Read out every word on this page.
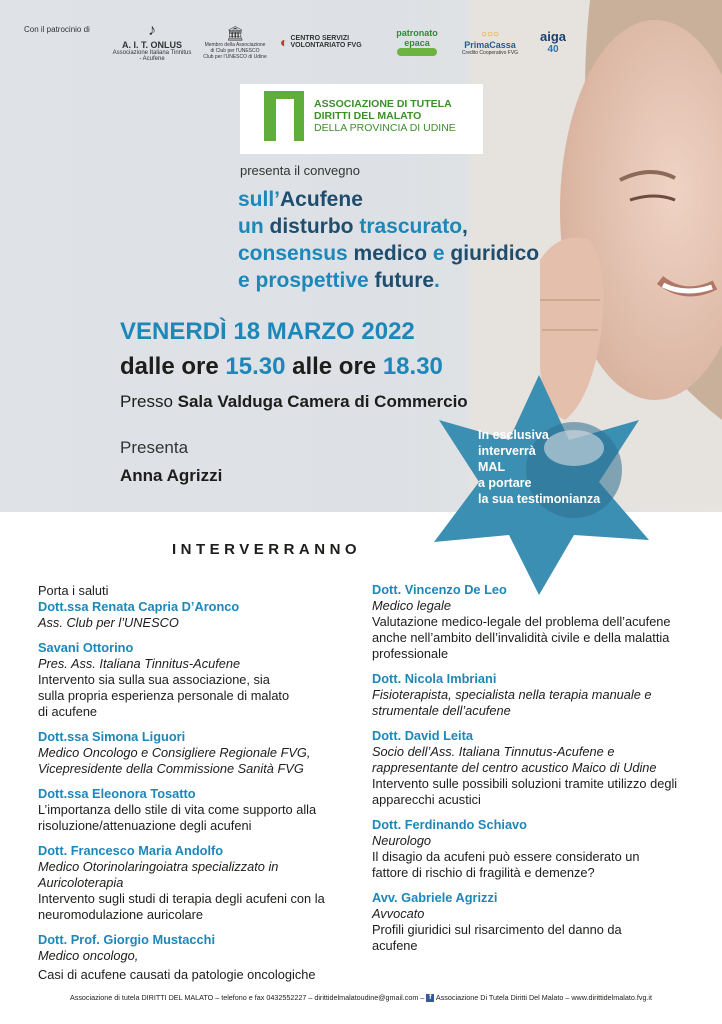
Con il patrocinio di	♪
A. I. T. ONLUS
Associazione Italiana Tinnitus - Acufene
🏛
Membro della Associazione di Club per l'UNESCO
Club per l'UNESCO di Udine
◐ CENTRO SERVIZI VOLONTARIATO FVG
patronato epaca
○○○
PrimaCassa
Credito Cooperativo FVG
aiga
40
ASSOCIAZIONE DI TUTELA DIRITTI DEL MALATO
DELLA PROVINCIA DI UDINE
presenta il convegno
sull’Acufene
un disturbo trascurato,
consensus medico e giuridico
e prospettive future.
VENERDÌ 18 MARZO 2022
dalle ore 15.30 alle ore 18.30
Presso Sala Valduga Camera di Commercio
Presenta
Anna Agrizzi
In esclusiva
interverrà
MAL
a portare
la sua testimonianza
INTERVERRANNO

Porta i saluti

Dott.ssa Renata Capria D’Aronco

Ass. Club per l’UNESCO

Savani Ottorino

Pres. Ass. Italiana Tinnitus-Acufene

Intervento sia sulla sua associazione, sia sulla propria esperienza personale di malato di acufene

Dott.ssa Simona Liguori

Medico Oncologo e Consigliere Regionale FVG, Vicepresidente della Commissione Sanità FVG

Dott.ssa Eleonora Tosatto

L’importanza dello stile di vita come supporto alla risoluzione/attenuazione degli acufeni

Dott. Francesco Maria Andolfo

Medico Otorinolaringoiatra specializzato in Auricoloterapia

Intervento sugli studi di terapia degli acufeni con la neuromodulazione auricolare

Dott. Prof. Giorgio Mustacchi

Medico oncologo,

Casi di acufene causati da patologie oncologiche

Dott. Vincenzo De Leo

Medico legale

Valutazione medico-legale del problema dell’acufene anche nell’ambito dell’invalidità civile e della malattia professionale

Dott. Nicola Imbriani

Fisioterapista, specialista nella terapia manuale e strumentale dell’acufene

Dott. David Leita

Socio dell’Ass. Italiana Tinnutus-Acufene e rappresentante del centro acustico Maico di Udine

Intervento sulle possibili soluzioni tramite utilizzo degli apparecchi acustici

Dott. Ferdinando Schiavo

Neurologo

Il disagio da acufeni può essere considerato un fattore di rischio di fragilità e demenze?

Avv. Gabriele Agrizzi

Avvocato

Profili giuridici sul risarcimento del danno da acufene

Associazione di tutela DIRITTI DEL MALATO – telefono e fax 0432552227 – dirittidelmalatoudine@gmail.com – f Associazione Di Tutela Diritti Del Malato – www.dirittidelmalato.fvg.it
